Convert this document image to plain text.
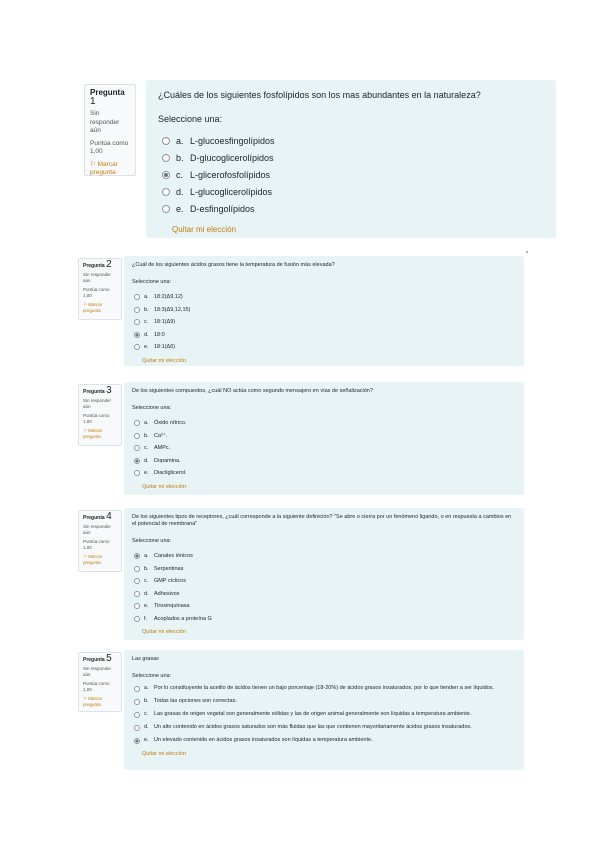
Pregunta 1
Sin responder aún
Puntúa como 1,00
⚐ Marcar pregunta
¿Cuáles de los siguientes fosfolípidos son los mas abundantes en la naturaleza?
Seleccione una:
a. L-glucoesfingolípidos
b. D-glucoglicerolípidos
c. L-glicerofosfolípidos
d. L-glucoglicerolípidos
e. D-esfingolípidos
Quitar mi elección
Pregunta 2
Sin responder aún
Puntúa como 1,00
⚐ Marcar pregunta
¿Cuál de los siguientes ácidos grasos tiene la temperatura de fusión más elevada?
Seleccione una:
a. 18:2(Δ9,12)
b. 18:3(Δ9,12,15)
c.	18:1(Δ9)
d. 18:0
e. 18:1(Δ6)
Quitar mi elección
Pregunta 3
Sin responder aún
Puntúa como 1,00
⚐ Marcar pregunta
De los siguientes compuestos, ¿cuál NO actúa como segundo mensajero en vías de señalización?
Seleccione una:
a. Óxido nítrico.
b. Ca²⁺.
c.	AMPc.
d. Dopamina.
e. Diacilglicerol.
Quitar mi elección
Pregunta 4
Sin responder aún
Puntúa como 1,00
⚐ Marcar pregunta
De los siguientes tipos de receptores, ¿cuál corresponde a la siguiente definición? "Se abre o cierra por un fenómeno ligando, o en respuesta a cambios en el potencial de membrana"
Seleccione una:
a. Canales iónicos
b. Serpentinas
c.	GMP cíclicos
d. Adhesivos
e. Tirosinquinasa
f.	Acoplados a proteína G
Quitar mi elección
Pregunta 5
Sin responder aún
Puntúa como 1,00
⚐ Marcar pregunta
Las grasas
Seleccione una:
a. Por lo constituyente la acetilo de ácidos tienen un bajo porcentaje (18-20%) de ácidos grasos insaturados, por lo que tienden a ser líquidos.
b. Todas las opciones son correctas.
c.	Las grasas de origen vegetal son generalmente sólidas y las de origen animal generalmente son líquidas a temperatura ambiente.
d. Un alto contenido en ácidos grasos saturados son más fluidas que las que contienen mayoritariamente ácidos grasos insaturados.
e. Un elevado contenido en ácidos grasos insaturados son líquidas a temperatura ambiente.
Quitar mi elección
